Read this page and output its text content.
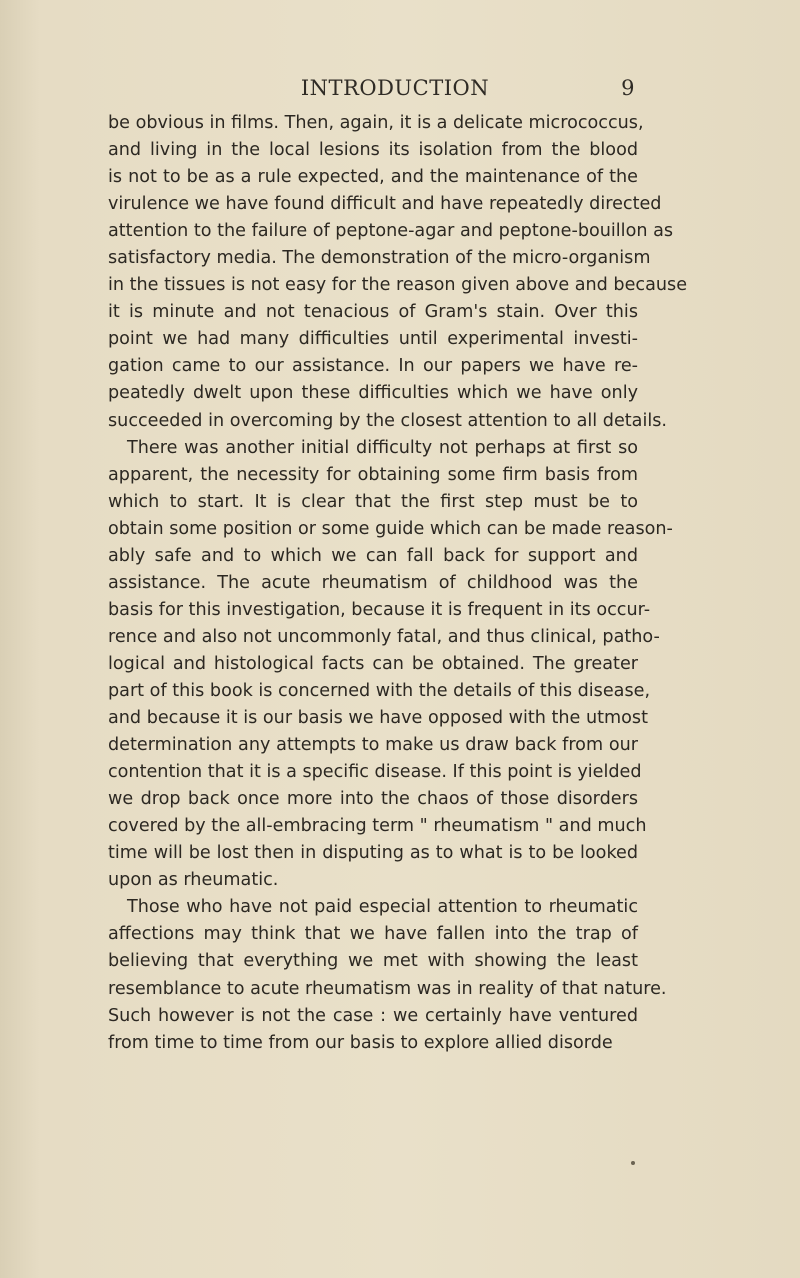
INTRODUCTION	9
be obvious in films. Then, again, it is a delicate micrococcus,
and living in the local lesions its isolation from the blood
is not to be as a rule expected, and the maintenance of the
virulence we have found difficult and have repeatedly directed
attention to the failure of peptone-agar and peptone-bouillon as
satisfactory media. The demonstration of the micro-organism
in the tissues is not easy for the reason given above and because
it is minute and not tenacious of Gram's stain. Over this
point we had many difficulties until experimental investi-
gation came to our assistance. In our papers we have re-
peatedly dwelt upon these difficulties which we have only
succeeded in overcoming by the closest attention to all details.
There was another initial difficulty not perhaps at first so
apparent, the necessity for obtaining some firm basis from
which to start. It is clear that the first step must be to
obtain some position or some guide which can be made reason-
ably safe and to which we can fall back for support and
assistance. The acute rheumatism of childhood was the
basis for this investigation, because it is frequent in its occur-
rence and also not uncommonly fatal, and thus clinical, patho-
logical and histological facts can be obtained. The greater
part of this book is concerned with the details of this disease,
and because it is our basis we have opposed with the utmost
determination any attempts to make us draw back from our
contention that it is a specific disease. If this point is yielded
we drop back once more into the chaos of those disorders
covered by the all-embracing term " rheumatism " and much
time will be lost then in disputing as to what is to be looked
upon as rheumatic.
Those who have not paid especial attention to rheumatic
affections may think that we have fallen into the trap of
believing that everything we met with showing the least
resemblance to acute rheumatism was in reality of that nature.
Such however is not the case : we certainly have ventured
from time to time from our basis to explore allied disorde
